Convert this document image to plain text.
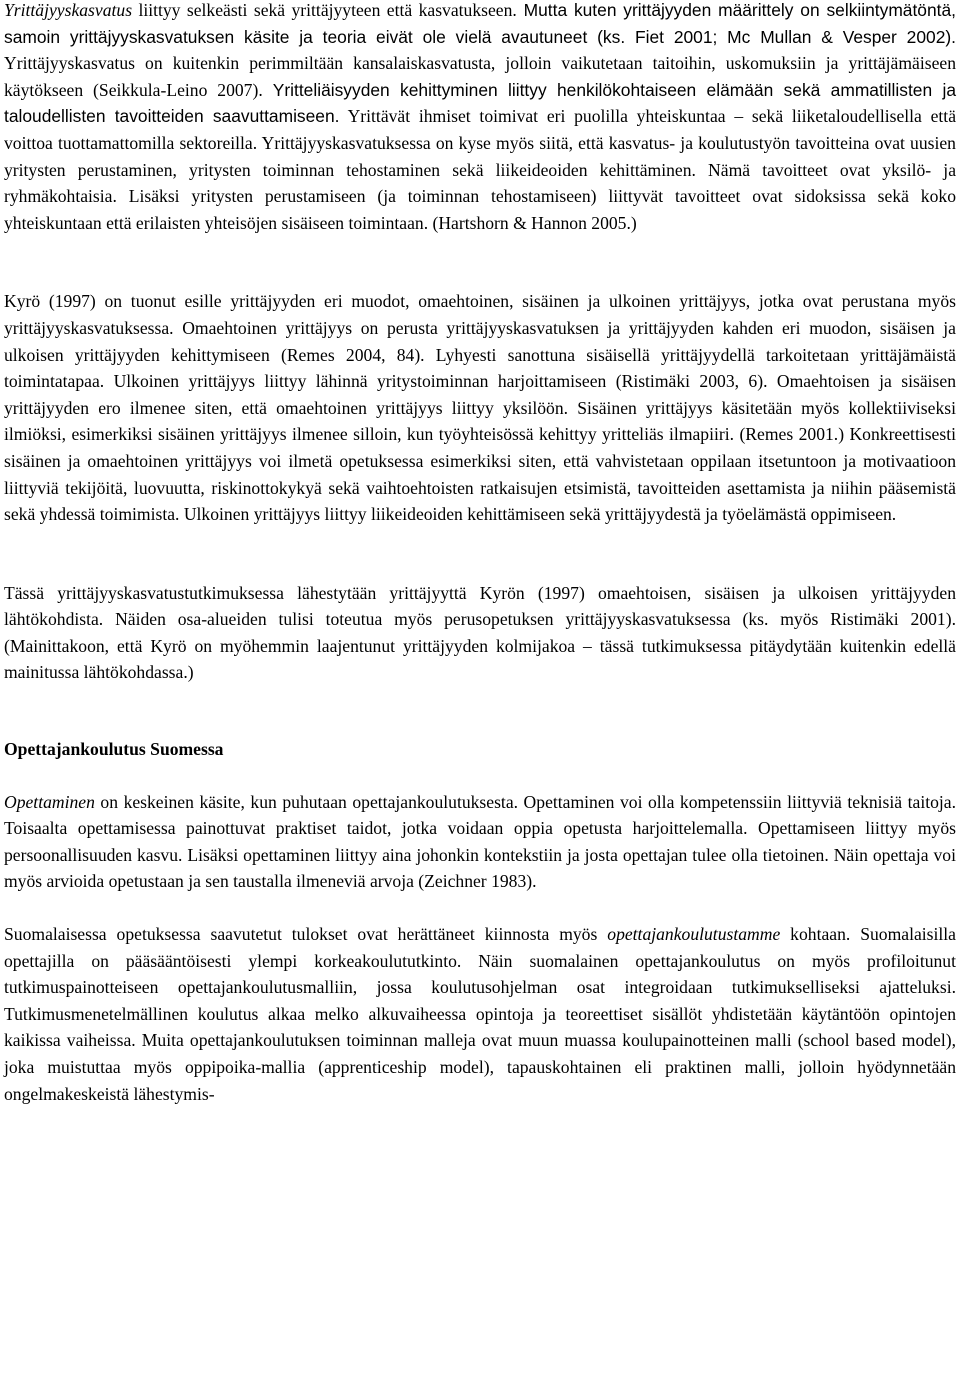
Yrittäjyyskasvatus liittyy selkeästi sekä yrittäjyyteen että kasvatukseen. Mutta kuten yrittäjyyden määrittely on selkiintymätöntä, samoin yrittäjyyskasvatuksen käsite ja teoria eivät ole vielä avautuneet (ks. Fiet 2001; Mc Mullan & Vesper 2002). Yrittäjyyskasvatus on kuitenkin perimmiltään kansalaiskasvatusta, jolloin vaikutetaan taitoihin, uskomuksiin ja yrittäjämäiseen käytökseen (Seikkula-Leino 2007). Yritteliäisyyden kehittyminen liittyy henkilökohtaiseen elämään sekä ammatillisten ja taloudellisten tavoitteiden saavuttamiseen. Yrittävät ihmiset toimivat eri puolilla yhteiskuntaa – sekä liiketaloudellisella että voittoa tuottamattomilla sektoreilla. Yrittäjyyskasvatuksessa on kyse myös siitä, että kasvatus- ja koulutustyön tavoitteina ovat uusien yritysten perustaminen, yritysten toiminnan tehostaminen sekä liikeideoiden kehittäminen. Nämä tavoitteet ovat yksilö- ja ryhmäkohtaisia. Lisäksi yritysten perustamiseen (ja toiminnan tehostamiseen) liittyvät tavoitteet ovat sidoksissa sekä koko yhteiskuntaan että erilaisten yhteisöjen sisäiseen toimintaan. (Hartshorn & Hannon 2005.)

Kyrö (1997) on tuonut esille yrittäjyyden eri muodot, omaehtoinen, sisäinen ja ulkoinen yrittäjyys, jotka ovat perustana myös yrittäjyyskasvatuksessa. Omaehtoinen yrittäjyys on perusta yrittäjyyskasvatuksen ja yrittäjyyden kahden eri muodon, sisäisen ja ulkoisen yrittäjyyden kehittymiseen (Remes 2004, 84). Lyhyesti sanottuna sisäisellä yrittäjyydellä tarkoitetaan yrittäjämäistä toimintatapaa. Ulkoinen yrittäjyys liittyy lähinnä yritystoiminnan harjoittamiseen (Ristimäki 2003, 6). Omaehtoisen ja sisäisen yrittäjyyden ero ilmenee siten, että omaehtoinen yrittäjyys liittyy yksilöön. Sisäinen yrittäjyys käsitetään myös kollektiiviseksi ilmiöksi, esimerkiksi sisäinen yrittäjyys ilmenee silloin, kun työyhteisössä kehittyy yritteliäs ilmapiiri. (Remes 2001.) Konkreettisesti sisäinen ja omaehtoinen yrittäjyys voi ilmetä opetuksessa esimerkiksi siten, että vahvistetaan oppilaan itsetuntoon ja motivaatioon liittyviä tekijöitä, luovuutta, riskinottokykyä sekä vaihtoehtoisten ratkaisujen etsimistä, tavoitteiden asettamista ja niihin pääsemistä sekä yhdessä toimimista. Ulkoinen yrittäjyys liittyy liikeideoiden kehittämiseen sekä yrittäjyydestä ja työelämästä oppimiseen.

Tässä yrittäjyyskasvatustutkimuksessa lähestytään yrittäjyyttä Kyrön (1997) omaehtoisen, sisäisen ja ulkoisen yrittäjyyden lähtökohdista. Näiden osa-alueiden tulisi toteutua myös perusopetuksen yrittäjyyskasvatuksessa (ks. myös Ristimäki 2001). (Mainittakoon, että Kyrö on myöhemmin laajentunut yrittäjyyden kolmijakoa – tässä tutkimuksessa pitäydytään kuitenkin edellä mainitussa lähtökohdassa.)

Opettajankoulutus Suomessa

Opettaminen on keskeinen käsite, kun puhutaan opettajankoulutuksesta. Opettaminen voi olla kompetenssiin liittyviä teknisiä taitoja. Toisaalta opettamisessa painottuvat praktiset taidot, jotka voidaan oppia opetusta harjoittelemalla. Opettamiseen liittyy myös persoonallisuuden kasvu. Lisäksi opettaminen liittyy aina johonkin kontekstiin ja josta opettajan tulee olla tietoinen. Näin opettaja voi myös arvioida opetustaan ja sen taustalla ilmeneviä arvoja (Zeichner 1983).

Suomalaisessa opetuksessa saavutetut tulokset ovat herättäneet kiinnosta myös opettajankoulutustamme kohtaan. Suomalaisilla opettajilla on pääsääntöisesti ylempi korkeakoulututkinto. Näin suomalainen opettajankoulutus on myös profiloitunut tutkimuspainotteiseen opettajankoulutusmalliin, jossa koulutusohjelman osat integroidaan tutkimukselliseksi ajatteluksi. Tutkimusmenetelmällinen koulutus alkaa melko alkuvaiheessa opintoja ja teoreettiset sisällöt yhdistetään käytäntöön opintojen kaikissa vaiheissa. Muita opettajankoulutuksen toiminnan malleja ovat muun muassa koulupainotteinen malli (school based model), joka muistuttaa myös oppipoika-mallia (apprenticeship model), tapauskohtainen eli praktinen malli, jolloin hyödynnetään ongelmakeskeistä lähestymis-
